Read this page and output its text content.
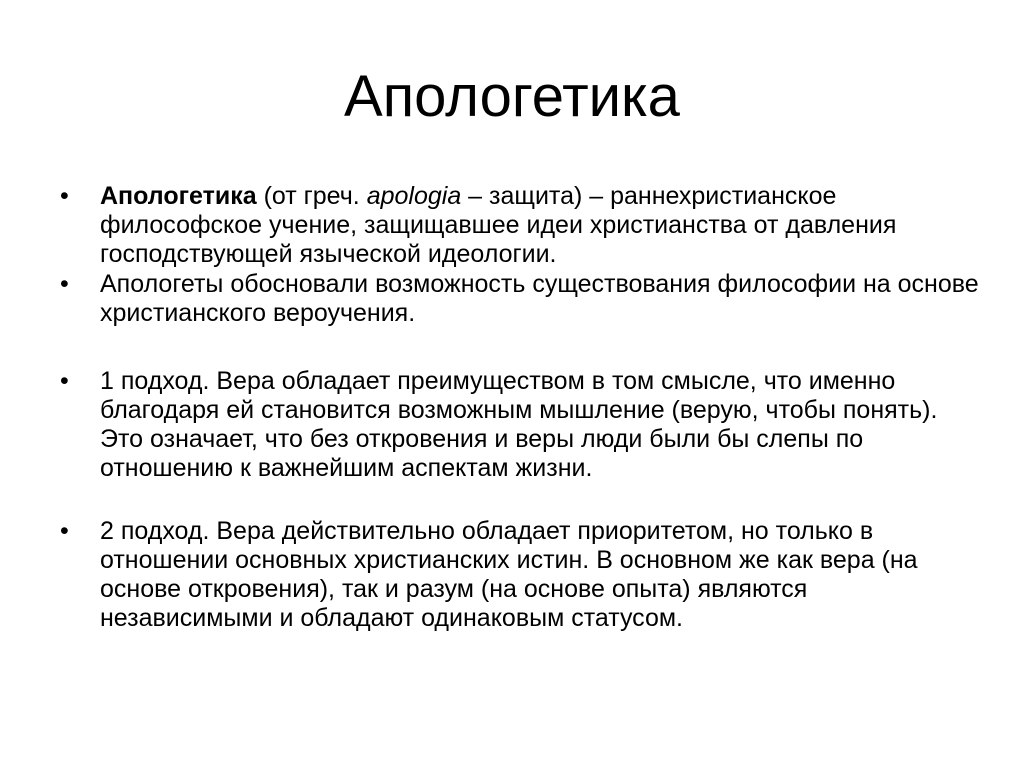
Апологетика
• Апологетика (от греч. apologia – защита) – раннехристианское философское учение, защищавшее идеи христианства от давления господствующей языческой идеологии.
• Апологеты обосновали возможность существования философии на основе христианского вероучения.
• 1 подход. Вера обладает преимуществом в том смысле, что именно благодаря ей становится возможным мышление (верую, чтобы понять). Это означает, что без откровения и веры люди были бы слепы по отношению к важнейшим аспектам жизни.
• 2 подход. Вера действительно обладает приоритетом, но только в отношении основных христианских истин. В основном же как вера (на основе откровения), так и разум (на основе опыта) являются независимыми и обладают одинаковым статусом.
